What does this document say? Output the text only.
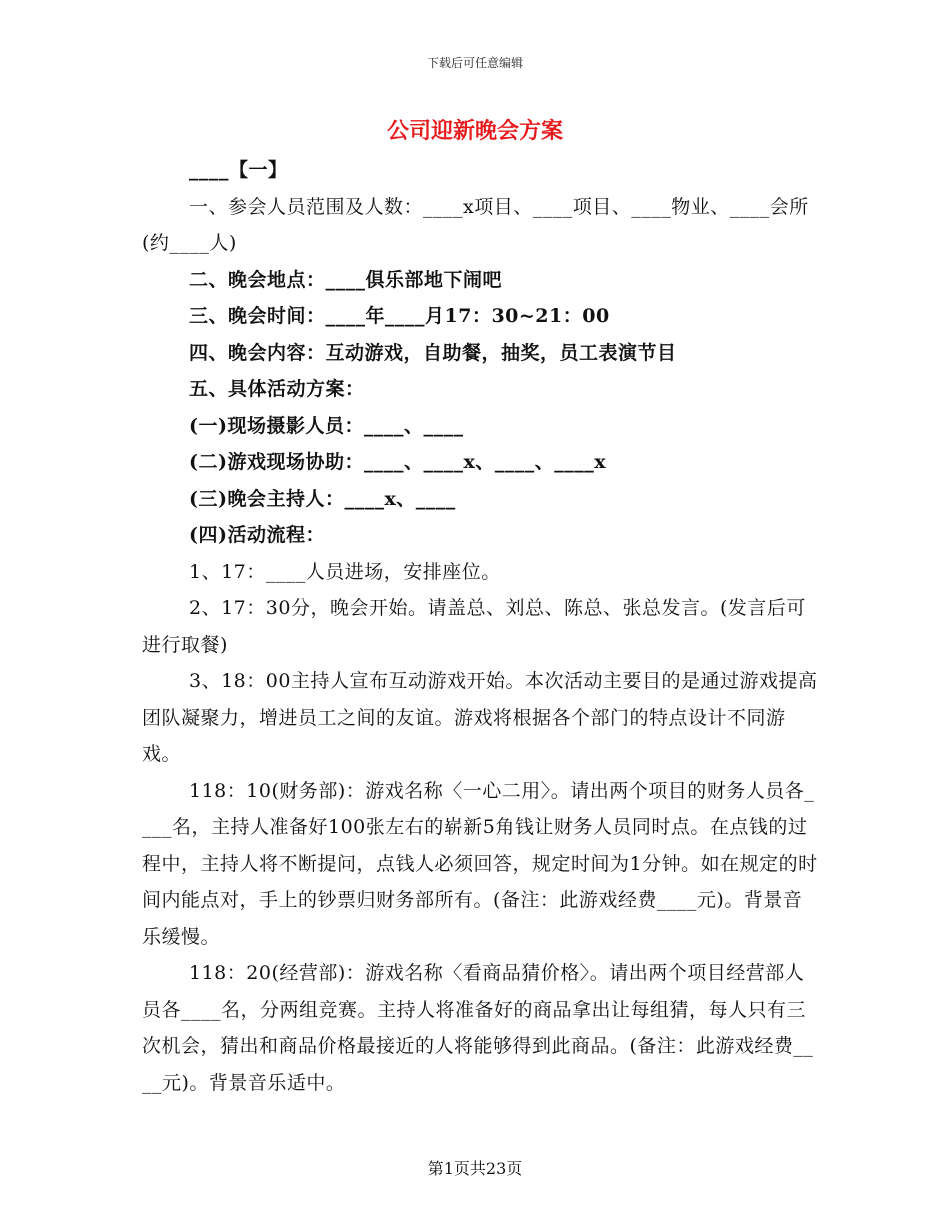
下载后可任意编辑
公司迎新晚会方案

____【一】

一、参会人员范围及人数：____x项目、____项目、____物业、____会所(约____人)

二、晚会地点：____俱乐部地下闹吧

三、晚会时间：____年____月17：30~21：00

四、晚会内容：互动游戏，自助餐，抽奖，员工表演节目

五、具体活动方案：

(一)现场摄影人员：____、____

(二)游戏现场协助：____、____x、____、____x

(三)晚会主持人：____x、____

(四)活动流程：

1、17：____人员进场，安排座位。

2、17：30分，晚会开始。请盖总、刘总、陈总、张总发言。(发言后可进行取餐)

3、18：00主持人宣布互动游戏开始。本次活动主要目的是通过游戏提高团队凝聚力，增进员工之间的友谊。游戏将根据各个部门的特点设计不同游戏。

118：10(财务部)：游戏名称〈一心二用〉。请出两个项目的财务人员各____名，主持人准备好100张左右的崭新5角钱让财务人员同时点。在点钱的过程中，主持人将不断提问，点钱人必须回答，规定时间为1分钟。如在规定的时间内能点对，手上的钞票归财务部所有。(备注：此游戏经费____元)。背景音乐缓慢。

118：20(经营部)：游戏名称〈看商品猜价格〉。请出两个项目经营部人员各____名，分两组竞赛。主持人将准备好的商品拿出让每组猜，每人只有三次机会，猜出和商品价格最接近的人将能够得到此商品。(备注：此游戏经费____元)。背景音乐适中。

第1页共23页
